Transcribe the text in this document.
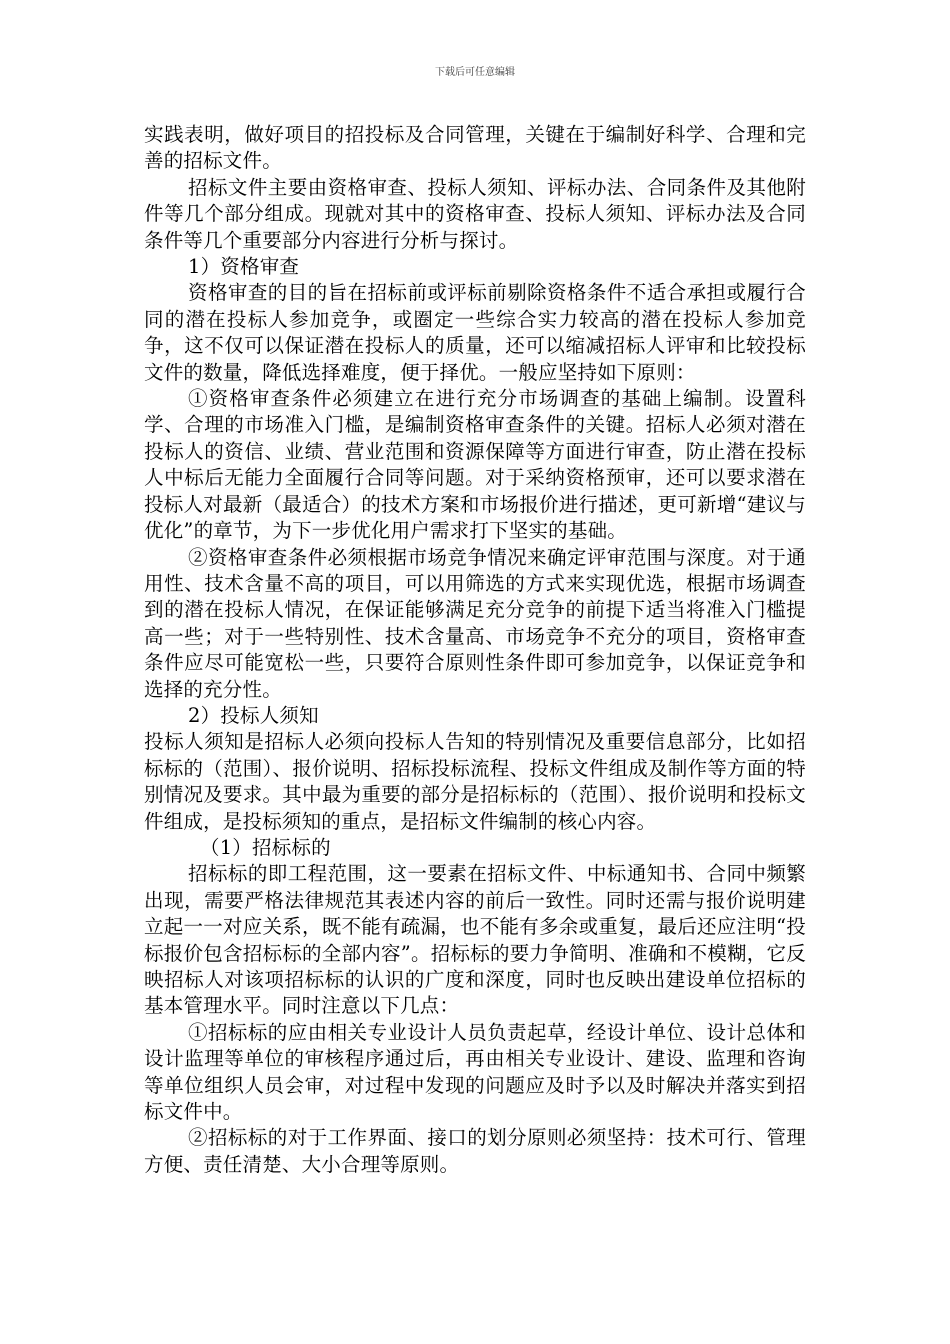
下载后可任意编辑

实践表明，做好项目的招投标及合同管理，关键在于编制好科学、合理和完善的招标文件。

招标文件主要由资格审查、投标人须知、评标办法、合同条件及其他附件等几个部分组成。现就对其中的资格审查、投标人须知、评标办法及合同条件等几个重要部分内容进行分析与探讨。

1）资格审查

资格审查的目的旨在招标前或评标前剔除资格条件不适合承担或履行合同的潜在投标人参加竞争，或圈定一些综合实力较高的潜在投标人参加竞争，这不仅可以保证潜在投标人的质量，还可以缩减招标人评审和比较投标文件的数量，降低选择难度，便于择优。一般应坚持如下原则：

①资格审查条件必须建立在进行充分市场调查的基础上编制。设置科学、合理的市场准入门槛，是编制资格审查条件的关键。招标人必须对潜在投标人的资信、业绩、营业范围和资源保障等方面进行审查，防止潜在投标人中标后无能力全面履行合同等问题。对于采纳资格预审，还可以要求潜在投标人对最新（最适合）的技术方案和市场报价进行描述，更可新增“建议与优化”的章节，为下一步优化用户需求打下坚实的基础。

②资格审查条件必须根据市场竞争情况来确定评审范围与深度。对于通用性、技术含量不高的项目，可以用筛选的方式来实现优选，根据市场调查到的潜在投标人情况，在保证能够满足充分竞争的前提下适当将准入门槛提高一些；对于一些特别性、技术含量高、市场竞争不充分的项目，资格审查条件应尽可能宽松一些，只要符合原则性条件即可参加竞争，以保证竞争和选择的充分性。

2）投标人须知

投标人须知是招标人必须向投标人告知的特别情况及重要信息部分，比如招标标的（范围）、报价说明、招标投标流程、投标文件组成及制作等方面的特别情况及要求。其中最为重要的部分是招标标的（范围）、报价说明和投标文件组成，是投标须知的重点，是招标文件编制的核心内容。

（1）招标标的

招标标的即工程范围，这一要素在招标文件、中标通知书、合同中频繁出现，需要严格法律规范其表述内容的前后一致性。同时还需与报价说明建立起一一对应关系，既不能有疏漏，也不能有多余或重复，最后还应注明“投标报价包含招标标的全部内容”。招标标的要力争简明、准确和不模糊，它反映招标人对该项招标标的认识的广度和深度，同时也反映出建设单位招标的基本管理水平。同时注意以下几点：

①招标标的应由相关专业设计人员负责起草，经设计单位、设计总体和设计监理等单位的审核程序通过后，再由相关专业设计、建设、监理和咨询等单位组织人员会审，对过程中发现的问题应及时予以及时解决并落实到招标文件中。

②招标标的对于工作界面、接口的划分原则必须坚持：技术可行、管理方便、责任清楚、大小合理等原则。
